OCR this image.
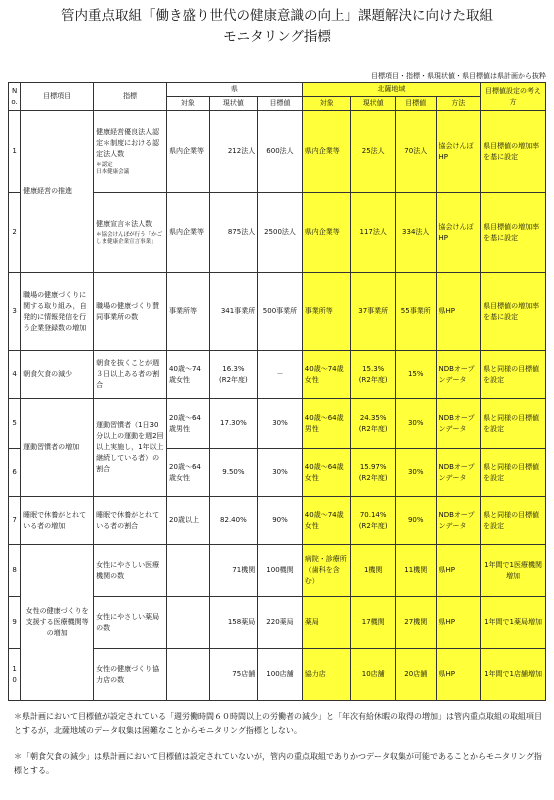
管内重点取組「働き盛り世代の健康意識の向上」課題解決に向けた取組
モニタリング指標
目標項目・指標・県現状値・県目標値は県計画から抜粋
No.	目標項目	指標	県			北薩地域				目標値設定の考え方
			対象	現状値	目標値	対象	現状値	目標値	方法	
1	健康経営の推進	健康経営優良法人認定＊制度における認定法人数
＊認定
日本健康会議	県内企業等	212法人	600法人	県内企業等	25法人	70法人	協会けんぽHP	県目標値の増加率を基に設定
2		健康宣言＊法人数
＊協会けんぽが行う「かごしま健康企業宣言事業」	県内企業等	875法人	2500法人	県内企業等	117法人	334法人	協会けんぽHP	県目標値の増加率を基に設定
3	職場の健康づくりに関する取り組み，自発的に情報発信を行う企業登録数の増加	職場の健康づくり賛同事業所の数	事業所等	341事業所	500事業所	事業所等	37事業所	55事業所	県HP	県目標値の増加率を基に設定
4	朝食欠食の減少	朝食を抜くことが週３日以上ある者の割合	40歳～74歳女性	16.3%
(R2年度)	－	40歳～74歳女性	15.3%
(R2年度)	15%	NDBオープンデータ	県と同様の目標値を設定
5	運動習慣者の増加	運動習慣者（1日30分以上の運動を週2回以上実施し，1年以上継続している者）の割合	20歳～64歳男性	17.30%	30%	40歳～64歳男性	24.35%
(R2年度)	30%	NDBオープンデータ	県と同様の目標値を設定
6			20歳～64歳女性	9.50%	30%	40歳～64歳女性	15.97%
(R2年度)	30%	NDBオープンデータ	県と同様の目標値を設定
7	睡眠で休養がとれている者の増加	睡眠で休養がとれている者の割合	20歳以上	82.40%	90%	40歳～74歳女性	70.14%
(R2年度)	90%	NDBオープンデータ	県と同様の目標値を設定
8	女性の健康づくりを支援する医療機関等の増加	女性にやさしい医療機関の数		71機関	100機関	病院・診療所（歯科を含む）	1機関	11機関	県HP	1年間で1医療機関増加
9		女性にやさしい薬局の数		158薬局	220薬局	薬局	17機関	27機関	県HP	1年間で1薬局増加
10		女性の健康づくり協力店の数		75店舗	100店舗	協力店	10店舗	20店舗	県HP	1年間で1店舗増加
＊県計画において目標値が設定されている「週労働時間６０時間以上の労働者の減少」と「年次有給休暇の取得の増加」は管内重点取組の取組項目とするが，北薩地域のデータ収集は困難なことからモニタリング指標としない。
＊「朝食欠食の減少」は県計画において目標値は設定されていないが，管内の重点取組でありかつデータ収集が可能であることからモニタリング指標とする。
